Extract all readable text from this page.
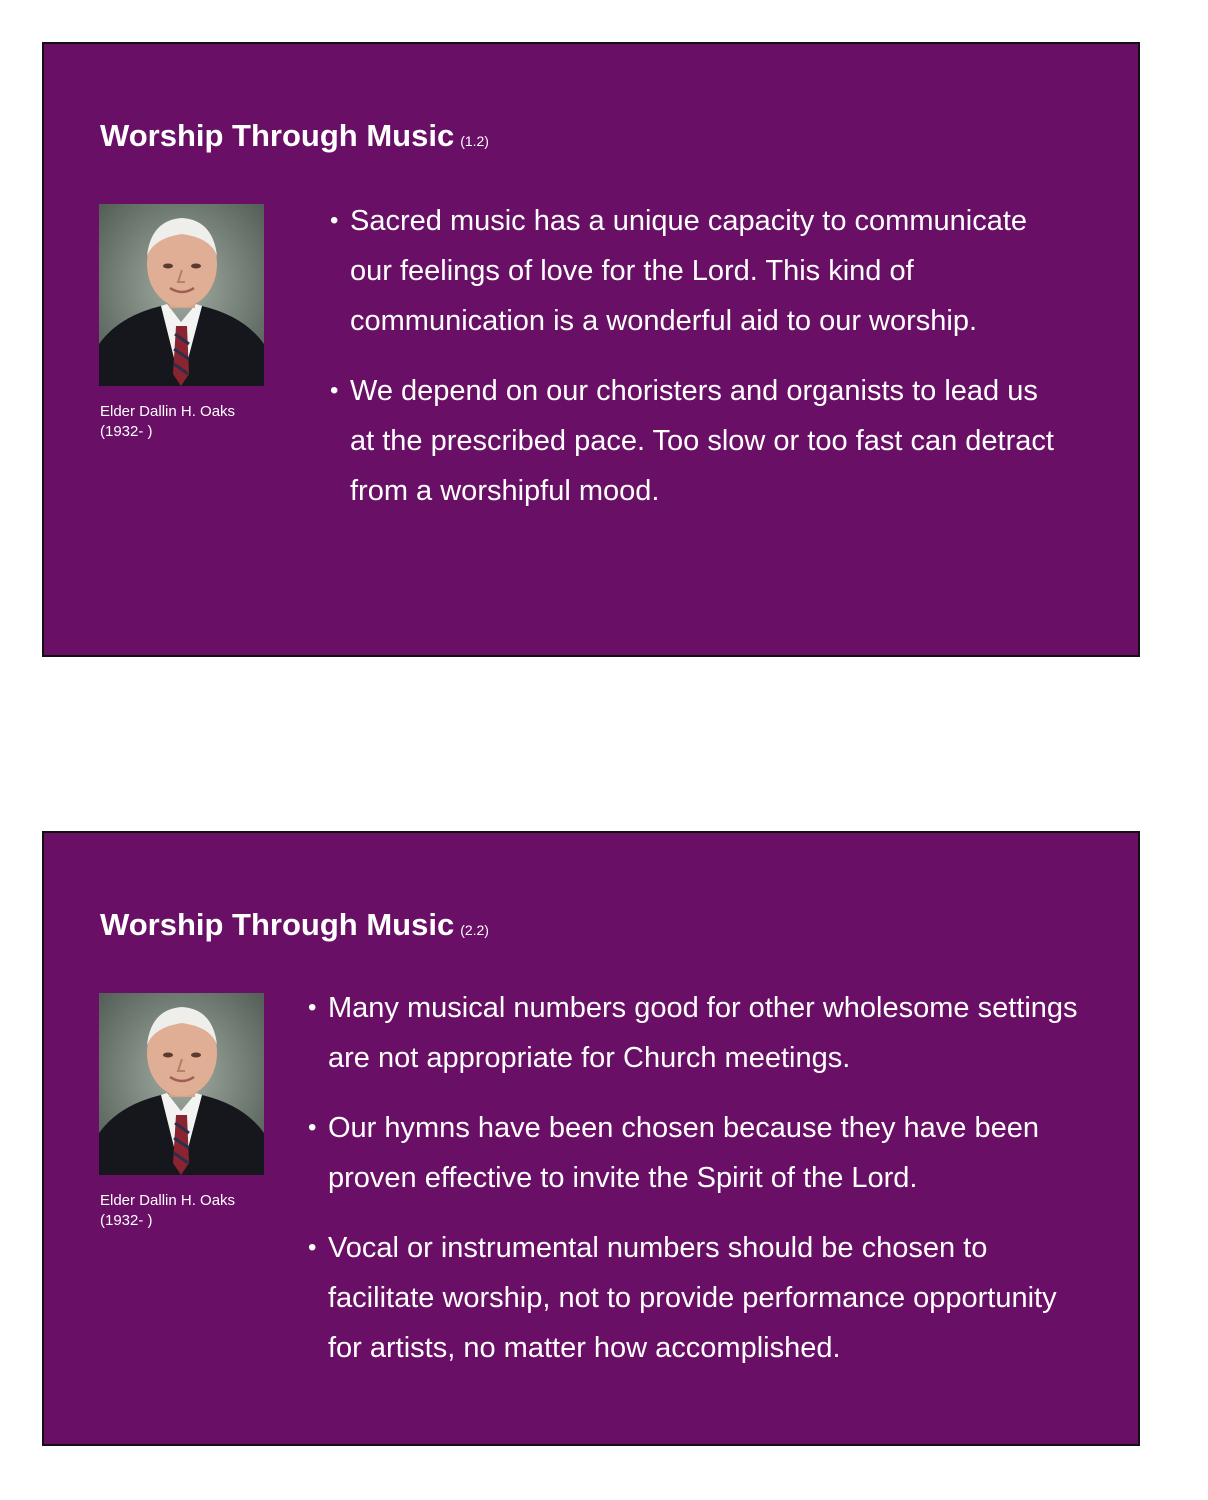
Worship Through Music (1.2)
Elder Dallin H. Oaks
(1932- )
• Sacred music has a unique capacity to communicate our feelings of love for the Lord. This kind of communication is a wonderful aid to our worship.
• We depend on our choristers and organists to lead us at the prescribed pace. Too slow or too fast can detract from a worshipful mood.
Worship Through Music (2.2)
Elder Dallin H. Oaks
(1932- )
• Many musical numbers good for other wholesome settings are not appropriate for Church meetings.
• Our hymns have been chosen because they have been proven effective to invite the Spirit of the Lord.
• Vocal or instrumental numbers should be chosen to facilitate worship, not to provide performance opportunity for artists, no matter how accomplished.
